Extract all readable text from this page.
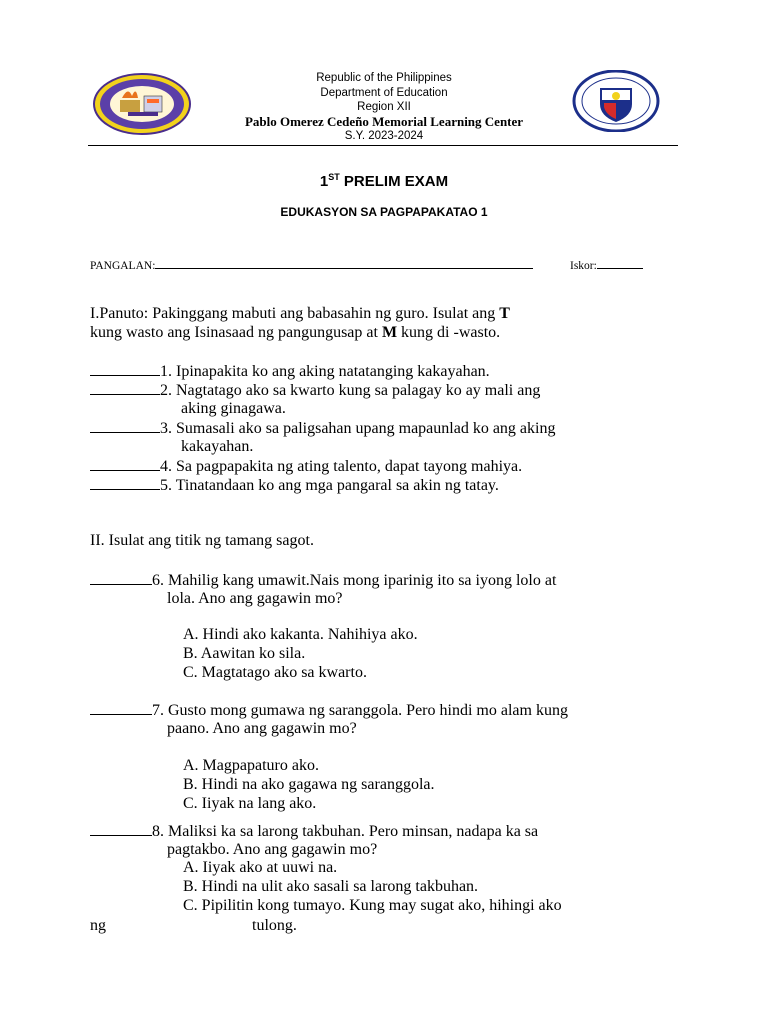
Republic of the Philippines
Department of Education
Region XII
Pablo Omerez Cedeño Memorial Learning Center
S.Y. 2023-2024
1ST PRELIM EXAM
EDUKASYON SA PAGPAPAKATAO 1
PANGALAN:	Iskor:
I.Panuto: Pakinggang mabuti ang babasahin ng guro. Isulat ang T
kung wasto ang Isinasaad ng pangungusap at M kung di -wasto.
1. Ipinapakita ko ang aking natatanging kakayahan.
2. Nagtatago ako sa kwarto kung sa palagay ko ay mali ang
aking ginagawa.
3. Sumasali ako sa paligsahan upang mapaunlad ko ang aking
kakayahan.
4. Sa pagpapakita ng ating talento, dapat tayong mahiya.
5. Tinatandaan ko ang mga pangaral sa akin ng tatay.
II. Isulat ang titik ng tamang sagot.
6. Mahilig kang umawit.Nais mong iparinig ito sa iyong lolo at
lola. Ano ang gagawin mo?
A. Hindi ako kakanta. Nahihiya ako.
B. Aawitan ko sila.
C. Magtatago ako sa kwarto.
7. Gusto mong gumawa ng saranggola. Pero hindi mo alam kung
paano. Ano ang gagawin mo?
A. Magpapaturo ako.
B. Hindi na ako gagawa ng saranggola.
C. Iiyak na lang ako.
8. Maliksi ka sa larong takbuhan. Pero minsan, nadapa ka sa
pagtakbo. Ano ang gagawin mo?
A. Iiyak ako at uuwi na.
B. Hindi na ulit ako sasali sa larong takbuhan.
C. Pipilitin kong tumayo. Kung may sugat ako, hihingi ako
ng	tulong.
